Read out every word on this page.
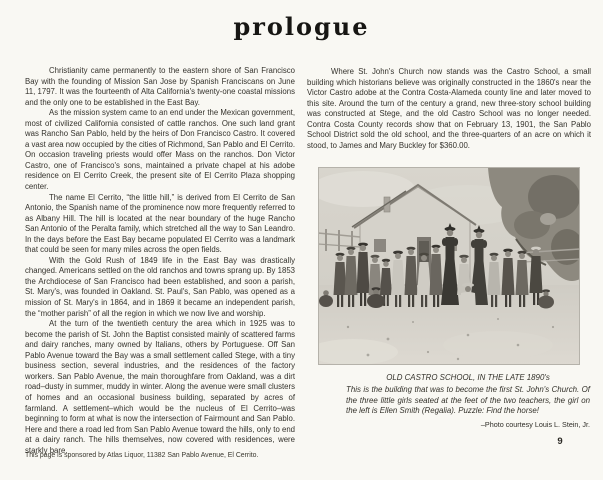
prologue

Christianity came permanently to the eastern shore of San Francisco Bay with the founding of Mission San Jose by Spanish Franciscans on June 11, 1797. It was the fourteenth of Alta California's twenty-one coastal missions and the only one to be established in the East Bay.

As the mission system came to an end under the Mexican government, most of civilized California consisted of cattle ranchos. One such land grant was Rancho San Pablo, held by the heirs of Don Francisco Castro. It covered a vast area now occupied by the cities of Richmond, San Pablo and El Cerrito. On occasion traveling priests would offer Mass on the ranchos. Don Victor Castro, one of Francisco's sons, maintained a private chapel at his adobe residence on El Cerrito Creek, the present site of El Cerrito Plaza shopping center.

The name El Cerrito, “the little hill,” is derived from El Cerrito de San Antonio, the Spanish name of the prominence now more frequently referred to as Albany Hill. The hill is located at the near boundary of the huge Rancho San Antonio of the Peralta family, which stretched all the way to San Leandro. In the days before the East Bay became populated El Cerrito was a landmark that could be seen for many miles across the open fields.

With the Gold Rush of 1849 life in the East Bay was drastically changed. Americans settled on the old ranchos and towns sprang up. By 1853 the Archdiocese of San Francisco had been established, and soon a parish, St. Mary's, was founded in Oakland. St. Paul's, San Pablo, was opened as a mission of St. Mary's in 1864, and in 1869 it became an independent parish, the “mother parish” of all the region in which we now live and worship.

At the turn of the twentieth century the area which in 1925 was to become the parish of St. John the Baptist consisted mainly of scattered farms and dairy ranches, many owned by Italians, others by Portuguese. Off San Pablo Avenue toward the Bay was a small settlement called Stege, with a tiny business section, several industries, and the residences of the factory workers. San Pablo Avenue, the main thoroughfare from Oakland, was a dirt road–dusty in summer, muddy in winter. Along the avenue were small clusters of homes and an occasional business building, separated by acres of farmland. A settlement–which would be the nucleus of El Cerrito–was beginning to form at what is now the intersection of Fairmount and San Pablo. Here and there a road led from San Pablo Avenue toward the hills, only to end at a dairy ranch. The hills themselves, now covered with residences, were starkly bare.

Where St. John's Church now stands was the Castro School, a small building which historians believe was originally constructed in the 1860's near the Victor Castro adobe at the Contra Costa-Alameda county line and later moved to this site. Around the turn of the century a grand, new three-story school building was constructed at Stege, and the old Castro School was no longer needed. Contra Costa County records show that on February 13, 1901, the San Pablo School District sold the old school, and the three-quarters of an acre on which it stood, to James and Mary Buckley for $360.00.

OLD CASTRO SCHOOL, IN THE LATE 1890's
This is the building that was to become the first St. John's Church. Of the three little girls seated at the feet of the two teachers, the girl on the left is Ellen Smith (Regalia). Puzzle: Find the horse!
–Photo courtesy Louis L. Stein, Jr.
This page is sponsored by Atlas Liquor, 11382 San Pablo Avenue, El Cerrito.
9
